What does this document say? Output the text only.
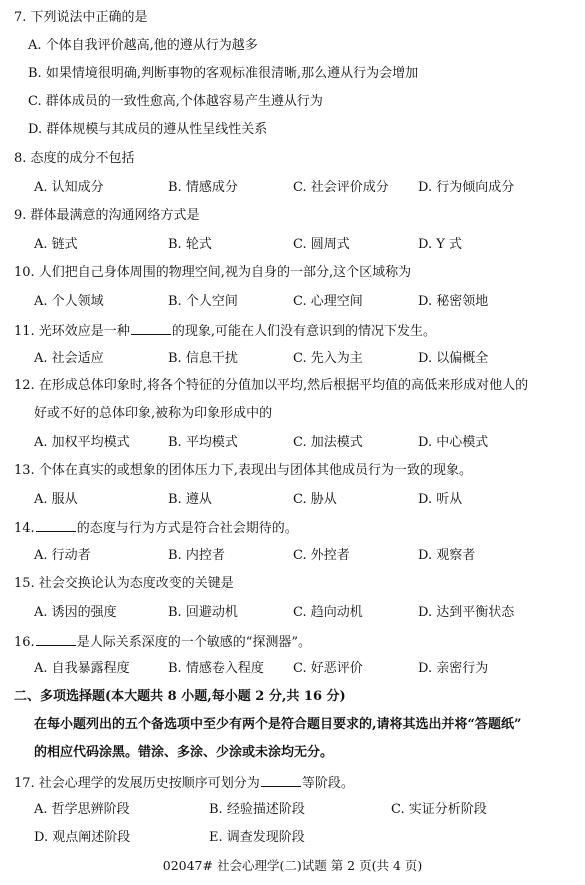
7. 下列说法中正确的是
A. 个体自我评价越高,他的遵从行为越多
B. 如果情境很明确,判断事物的客观标准很清晰,那么遵从行为会增加
C. 群体成员的一致性愈高,个体越容易产生遵从行为
D. 群体规模与其成员的遵从性呈线性关系
8. 态度的成分不包括
A. 认知成分	B. 情感成分	C. 社会评价成分 D. 行为倾向成分
9. 群体最满意的沟通网络方式是
A. 链式	B. 轮式	C. 圆周式	D. Y 式
10. 人们把自己身体周围的物理空间,视为自身的一部分,这个区域称为
A. 个人领域	B. 个人空间	C. 心理空间	D. 秘密领地
11. 光环效应是一种	的现象,可能在人们没有意识到的情况下发生。
A. 社会适应	B. 信息干扰	C. 先入为主	D. 以偏概全
12. 在形成总体印象时,将各个特征的分值加以平均,然后根据平均值的高低来形成对他人的
好或不好的总体印象,被称为印象形成中的
A. 加权平均模式	B. 平均模式	C. 加法模式	D. 中心模式
13. 个体在真实的或想象的团体压力下,表现出与团体其他成员行为一致的现象。
A. 服从	B. 遵从	C. 胁从	D. 听从
14.	的态度与行为方式是符合社会期待的。
A. 行动者	B. 内控者	C. 外控者	D. 观察者
15. 社会交换论认为态度改变的关键是
A. 诱因的强度	B. 回避动机	C. 趋向动机	D. 达到平衡状态
16.	是人际关系深度的一个敏感的“探测器”。
A. 自我暴露程度	B. 情感卷入程度 C. 好恶评价	D. 亲密行为
二、多项选择题(本大题共 8 小题,每小题 2 分,共 16 分)
在每小题列出的五个备选项中至少有两个是符合题目要求的,请将其选出并将“答题纸”
的相应代码涂黑。错涂、多涂、少涂或未涂均无分。
17. 社会心理学的发展历史按顺序可划分为	等阶段。
A. 哲学思辨阶段	B. 经验描述阶段	C. 实证分析阶段
D. 观点阐述阶段	E. 调查发现阶段
02047# 社会心理学(二)试题 第 2 页(共 4 页)
